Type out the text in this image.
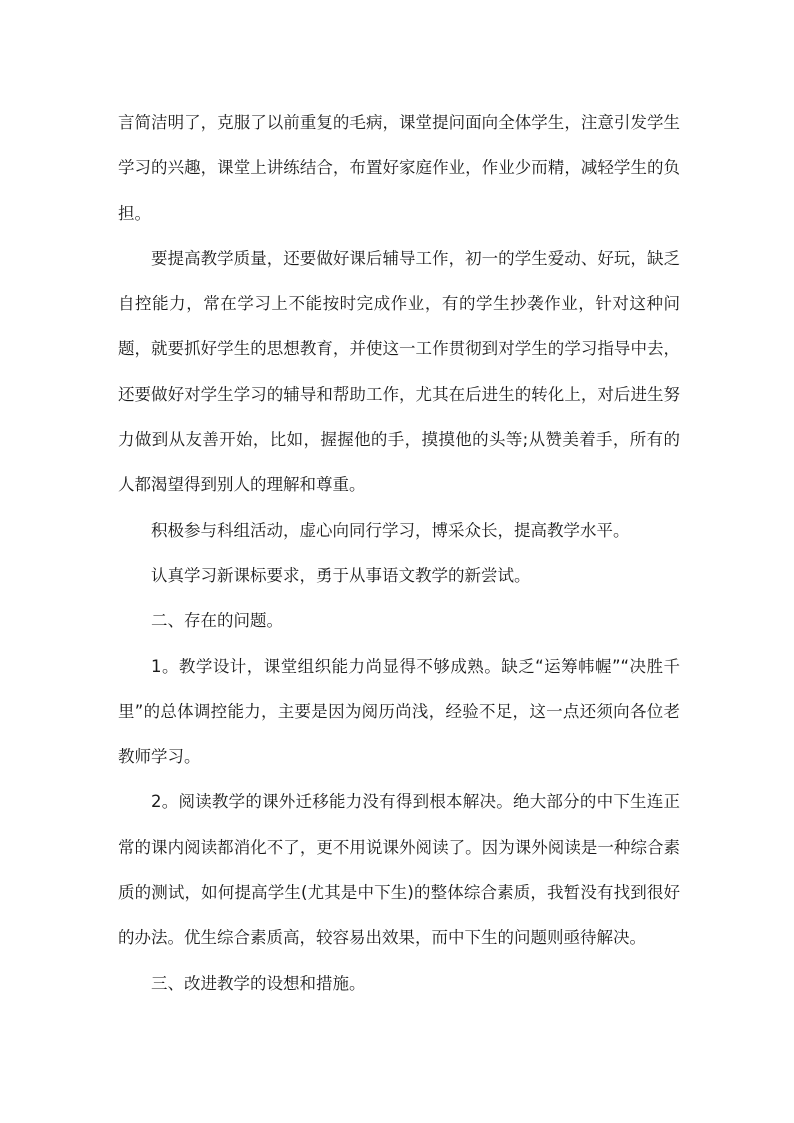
言简洁明了，克服了以前重复的毛病，课堂提问面向全体学生，注意引发学生学习的兴趣，课堂上讲练结合，布置好家庭作业，作业少而精，减轻学生的负担。

要提高教学质量，还要做好课后辅导工作，初一的学生爱动、好玩，缺乏自控能力，常在学习上不能按时完成作业，有的学生抄袭作业，针对这种问题，就要抓好学生的思想教育，并使这一工作贯彻到对学生的学习指导中去，还要做好对学生学习的辅导和帮助工作，尤其在后进生的转化上，对后进生努力做到从友善开始，比如，握握他的手，摸摸他的头等;从赞美着手，所有的人都渴望得到别人的理解和尊重。

积极参与科组活动，虚心向同行学习，博采众长，提高教学水平。

认真学习新课标要求，勇于从事语文教学的新尝试。

二、存在的问题。

1。教学设计，课堂组织能力尚显得不够成熟。缺乏“运筹帏幄”“决胜千里”的总体调控能力，主要是因为阅历尚浅，经验不足，这一点还须向各位老教师学习。

2。阅读教学的课外迁移能力没有得到根本解决。绝大部分的中下生连正常的课内阅读都消化不了，更不用说课外阅读了。因为课外阅读是一种综合素质的测试，如何提高学生(尤其是中下生)的整体综合素质，我暂没有找到很好的办法。优生综合素质高，较容易出效果，而中下生的问题则亟待解决。

三、改进教学的设想和措施。
